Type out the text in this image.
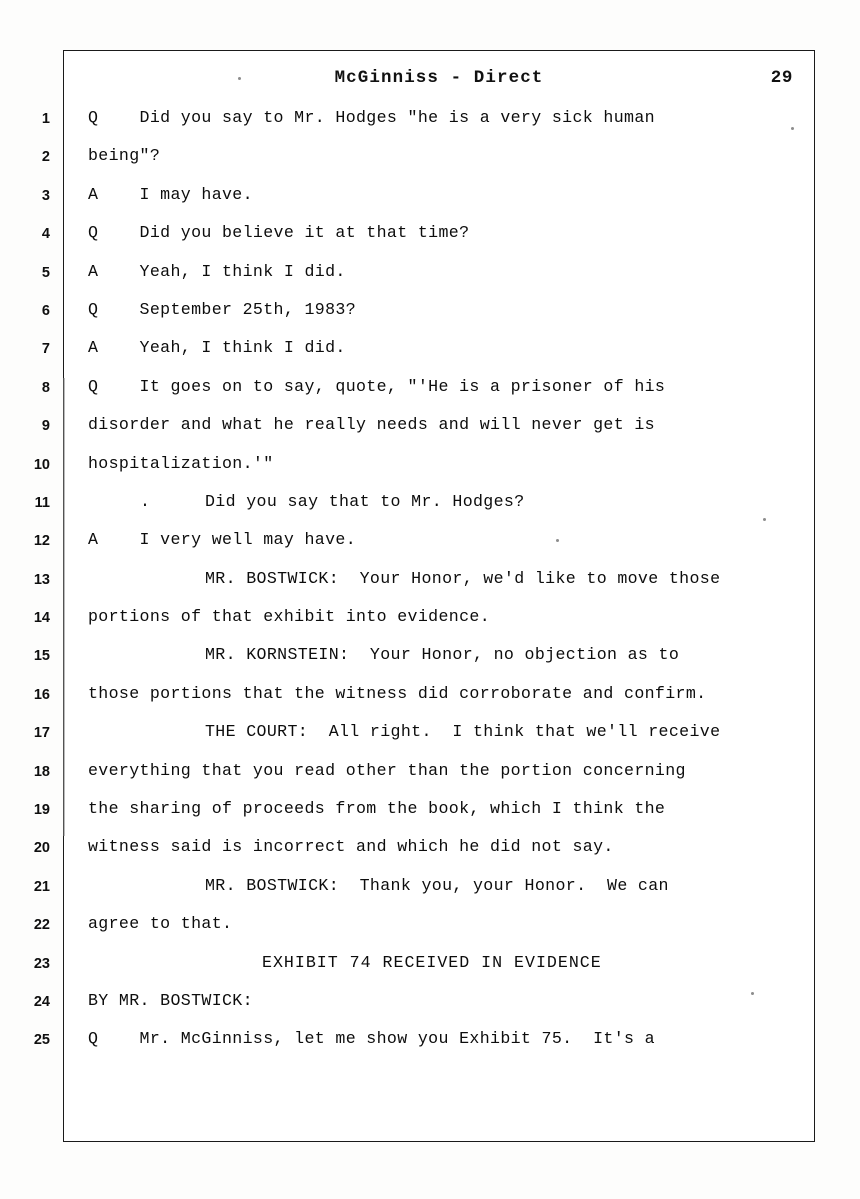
McGinniss - Direct	29
1 Q    Did you say to Mr. Hodges "he is a very sick human
2 being"?
3 A    I may have.
4 Q    Did you believe it at that time?
5 A    Yeah, I think I did.
6 Q    September 25th, 1983?
7 A    Yeah, I think I did.
8 Q    It goes on to say, quote, "'He is a prisoner of his
9 disorder and what he really needs and will never get is
10 hospitalization.'"
11	.	Did you say that to Mr. Hodges?
12 A    I very well may have.
13	MR. BOSTWICK:  Your Honor, we'd like to move those
14 portions of that exhibit into evidence.
15	MR. KORNSTEIN:  Your Honor, no objection as to
16 those portions that the witness did corroborate and confirm.
17	THE COURT:  All right.  I think that we'll receive
18 everything that you read other than the portion concerning
19 the sharing of proceeds from the book, which I think the
20 witness said is incorrect and which he did not say.
21	MR. BOSTWICK:  Thank you, your Honor.  We can
22 agree to that.
23	EXHIBIT 74 RECEIVED IN EVIDENCE
24 BY MR. BOSTWICK:
25 Q    Mr. McGinniss, let me show you Exhibit 75.  It's a
